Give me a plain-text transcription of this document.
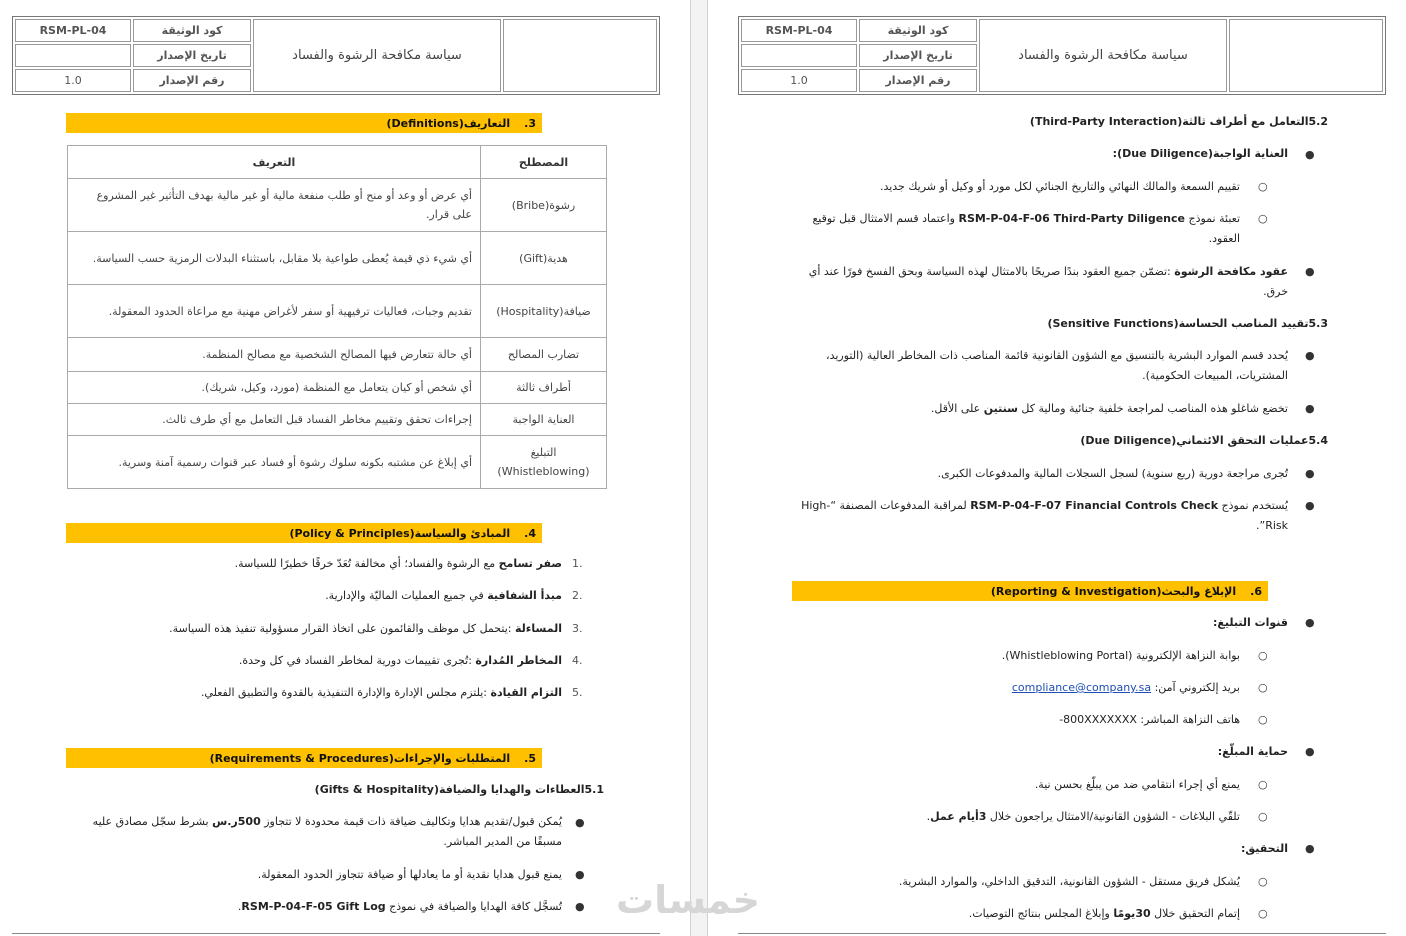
RSM-PL-04	كود الوثيقة
تاريخ الإصدار
1.0	رقم الإصدار
سياسة مكافحة الرشوة والفساد
3.
التعاريف(Definitions)
المصطلح	التعريف
رشوة(Bribe)	أي عرض أو وعد أو منح أو طلب منفعة مالية أو غير مالية بهدف التأثير غير المشروع على قرار.
هدية(Gift)	أي شيء ذي قيمة يُعطى طواعية بلا مقابل، باستثناء البدلات الرمزية حسب السياسة.
ضيافة(Hospitality)	تقديم وجبات، فعاليات ترفيهية أو سفر لأغراض مهنية مع مراعاة الحدود المعقولة.
تضارب المصالح	أي حالة تتعارض فيها المصالح الشخصية مع مصالح المنظمة.
أطراف ثالثة	أي شخص أو كيان يتعامل مع المنظمة (مورد، وكيل، شريك).
العناية الواجبة	إجراءات تحقق وتقييم مخاطر الفساد قبل التعامل مع أي طرف ثالث.
التبليغ (Whistleblowing)	أي إبلاغ عن مشتبه بكونه سلوك رشوة أو فساد عبر قنوات رسمية آمنة وسرية.
4.
المبادئ والسياسة(Policy & Principles)
1.
صفر تسامح مع الرشوة والفساد؛ أي مخالفة تُعَدّ خرقًا خطيرًا للسياسة.
2.
مبدأ الشفافية في جميع العمليات الماليّة والإدارية.
3.
المساءلة :يتحمل كل موظف والقائمون على اتخاذ القرار مسؤولية تنفيذ هذه السياسة.
4.
المخاطر المُدارة :تُجرى تقييمات دورية لمخاطر الفساد في كل وحدة.
5.
التزام القيادة :يلتزم مجلس الإدارة والإدارة التنفيذية بالقدوة والتطبيق الفعلي.
5.
المتطلبات والإجراءات(Requirements & Procedures)
5.1العطاءات والهدايا والضيافة(Gifts & Hospitality)
●
يُمكن قبول/تقديم هدايا وتكاليف ضيافة ذات قيمة محدودة لا تتجاوز 500ر.س بشرط سجّل مصادق عليه مسبقًا من المدير المباشر.
●
يمنع قبول هدايا نقدية أو ما يعادلها أو ضيافة تتجاوز الحدود المعقولة.
●
تُسجَّل كافة الهدايا والضيافة في نموذج RSM-P-04-F-05 Gift Log.
RSM-PL-04	كود الوثيقة
تاريخ الإصدار
1.0	رقم الإصدار
سياسة مكافحة الرشوة والفساد
5.2التعامل مع أطراف ثالثة(Third-Party Interaction)
●
العناية الواجبة(Due Diligence):
○
تقييم السمعة والمالك النهائي والتاريخ الجنائي لكل مورد أو وكيل أو شريك جديد.
○
تعبئة نموذج RSM-P-04-F-06 Third-Party Diligence واعتماد قسم الامتثال قبل توقيع العقود.
●
عقود مكافحة الرشوة :تضمّن جميع العقود بندًا صريحًا بالامتثال لهذه السياسة وبحق الفسخ فورًا عند أي خرق.
5.3تقييد المناصب الحساسة(Sensitive Functions)
●
يُحدد قسم الموارد البشرية بالتنسيق مع الشؤون القانونية قائمة المناصب ذات المخاطر العالية (التوريد، المشتريات، المبيعات الحكومية).
●
تخضع شاغلو هذه المناصب لمراجعة خلفية جنائية ومالية كل سنتين على الأقل.
5.4عمليات التحقق الائتماني(Due Diligence)
●
تُجرى مراجعة دورية (ربع سنوية) لسجل السجلات المالية والمدفوعات الكبرى.
●
يُستخدم نموذج RSM-P-04-F-07 Financial Controls Check لمراقبة المدفوعات المصنفة “High-Risk”.
6.
الإبلاغ والبحث(Reporting & Investigation)
●
قنوات التبليغ:
○
بوابة النزاهة الإلكترونية (Whistleblowing Portal).
○
بريد إلكتروني آمن: compliance@company.sa
○
هاتف النزاهة المباشر: 800XXXXXXX-
●
حماية المبلّغ:
○
يمنع أي إجراء انتقامي ضد من يبلّغ بحسن نية.
○
تلقّي البلاغات - الشؤون القانونية/الامتثال يراجعون خلال 3أيام عمل.
●
التحقيق:
○
يُشكل فريق مستقل - الشؤون القانونية، التدقيق الداخلي، والموارد البشرية.
○
إتمام التحقيق خلال 30يومًا وإبلاغ المجلس بنتائج التوصيات.
خمسات
